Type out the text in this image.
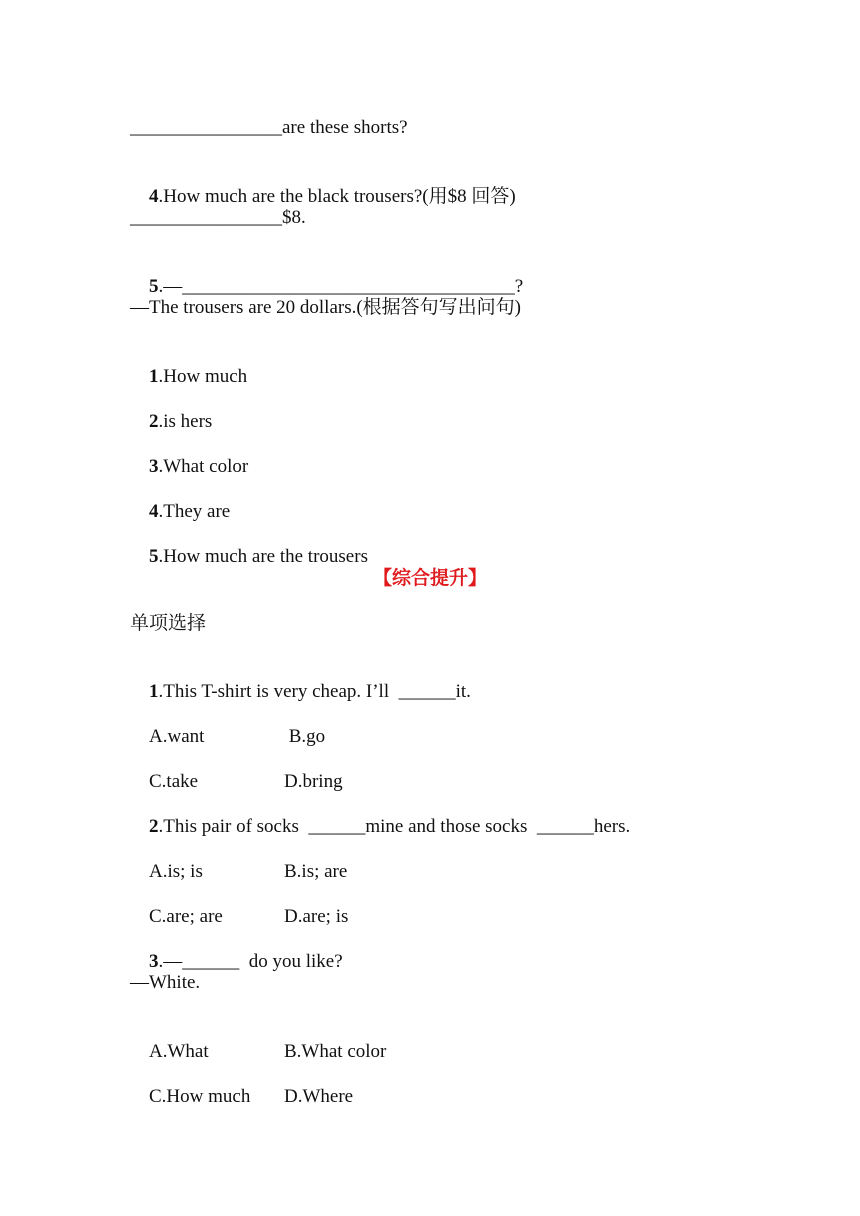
________________are these shorts?

4.How much are the black trousers?(用$8 回答)

________________$8.

5.—___________________________________?

—The trousers are 20 dollars.(根据答句写出问句)

1.How much

2.is hers

3.What color

4.They are

5.How much are the trousers

【综合提升】
单项选择

1.This T-shirt is very cheap. I’ll  ______it.

A.want	B.go

C.take	D.bring

2.This pair of socks  ______mine and those socks  ______hers.

A.is; is	B.is; are

C.are; are	D.are; is

3.—______  do you like?

—White.

A.What	B.What color

C.How much D.Where
